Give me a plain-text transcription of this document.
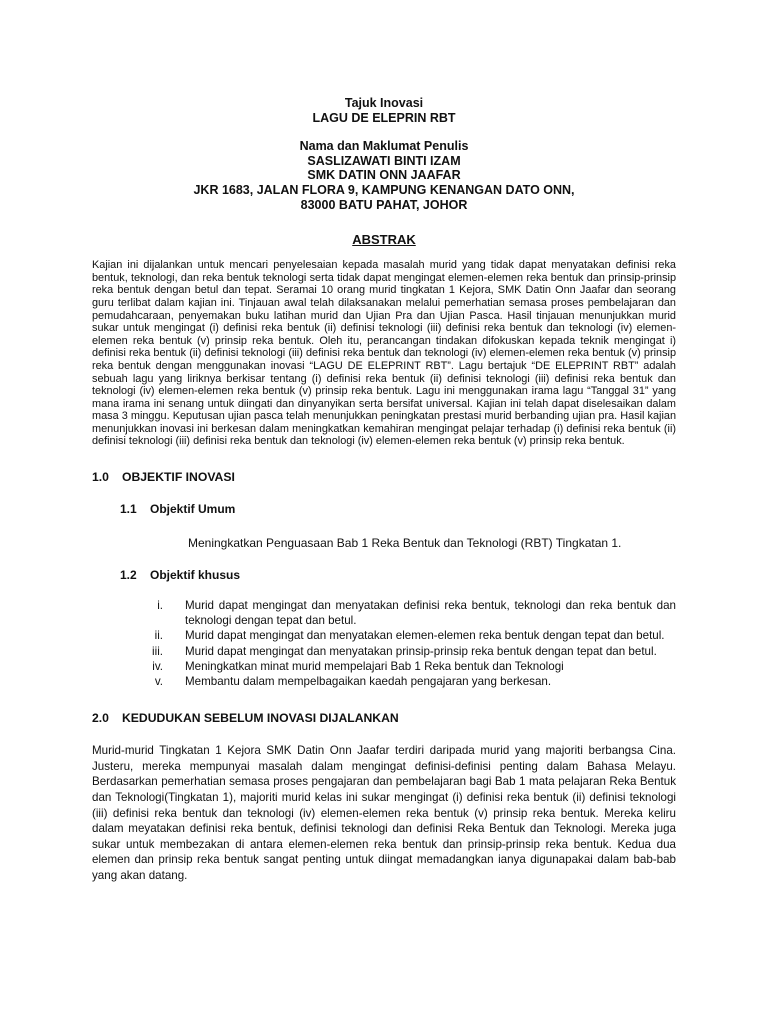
Tajuk Inovasi
LAGU DE ELEPRIN RBT
Nama dan Maklumat Penulis
SASLIZAWATI BINTI IZAM
SMK DATIN ONN JAAFAR
JKR 1683, JALAN FLORA 9, KAMPUNG KENANGAN DATO ONN,
83000 BATU PAHAT, JOHOR
ABSTRAK

Kajian ini dijalankan untuk mencari penyelesaian kepada masalah murid yang tidak dapat menyatakan definisi reka bentuk, teknologi, dan reka bentuk teknologi serta tidak dapat mengingat elemen-elemen reka bentuk dan prinsip-prinsip reka bentuk dengan betul dan tepat. Seramai 10 orang murid tingkatan 1 Kejora, SMK Datin Onn Jaafar dan seorang guru terlibat dalam kajian ini. Tinjauan awal telah dilaksanakan melalui pemerhatian semasa proses pembelajaran dan pemudahcaraan, penyemakan buku latihan murid dan Ujian Pra dan Ujian Pasca. Hasil tinjauan menunjukkan murid sukar untuk mengingat (i) definisi reka bentuk (ii) definisi teknologi (iii) definisi reka bentuk dan teknologi (iv) elemen-elemen reka bentuk (v) prinsip reka bentuk. Oleh itu, perancangan tindakan difokuskan kepada teknik mengingat i) definisi reka bentuk (ii) definisi teknologi (iii) definisi reka bentuk dan teknologi (iv) elemen-elemen reka bentuk (v) prinsip reka bentuk dengan menggunakan inovasi “LAGU DE ELEPRINT RBT”. Lagu bertajuk “DE ELEPRINT RBT” adalah sebuah lagu yang liriknya berkisar tentang (i) definisi reka bentuk (ii) definisi teknologi (iii) definisi reka bentuk dan teknologi (iv) elemen-elemen reka bentuk (v) prinsip reka bentuk. Lagu ini menggunakan irama lagu “Tanggal 31” yang mana irama ini senang untuk diingati dan dinyanyikan serta bersifat universal. Kajian ini telah dapat diselesaikan dalam masa 3 minggu. Keputusan ujian pasca telah menunjukkan peningkatan prestasi murid berbanding ujian pra. Hasil kajian menunjukkan inovasi ini berkesan dalam meningkatkan kemahiran mengingat pelajar terhadap (i) definisi reka bentuk (ii) definisi teknologi (iii) definisi reka bentuk dan teknologi (iv) elemen-elemen reka bentuk (v) prinsip reka bentuk.

1.0	OBJEKTIF INOVASI
1.1	Objektif Umum
Meningkatkan Penguasaan Bab 1 Reka Bentuk dan Teknologi (RBT) Tingkatan 1.
1.2	Objektif khusus
i.	Murid dapat mengingat dan menyatakan definisi reka bentuk, teknologi dan reka bentuk dan teknologi dengan tepat dan betul.
ii.	Murid dapat mengingat dan menyatakan elemen-elemen reka bentuk dengan tepat dan betul.
iii.	Murid dapat mengingat dan menyatakan prinsip-prinsip reka bentuk dengan tepat dan betul.
iv.	Meningkatkan minat murid mempelajari Bab 1 Reka bentuk dan Teknologi
v.	Membantu dalam mempelbagaikan kaedah pengajaran yang berkesan.
2.0	KEDUDUKAN SEBELUM INOVASI DIJALANKAN

Murid-murid Tingkatan 1 Kejora SMK Datin Onn Jaafar terdiri daripada murid yang majoriti berbangsa Cina. Justeru, mereka mempunyai masalah dalam mengingat definisi-definisi penting dalam Bahasa Melayu. Berdasarkan pemerhatian semasa proses pengajaran dan pembelajaran bagi Bab 1 mata pelajaran Reka Bentuk dan Teknologi(Tingkatan 1), majoriti murid kelas ini sukar mengingat (i) definisi reka bentuk (ii) definisi teknologi (iii) definisi reka bentuk dan teknologi (iv) elemen-elemen reka bentuk (v) prinsip reka bentuk. Mereka keliru dalam meyatakan definisi reka bentuk, definisi teknologi dan definisi Reka Bentuk dan Teknologi. Mereka juga sukar untuk membezakan di antara elemen-elemen reka bentuk dan prinsip-prinsip reka bentuk. Kedua dua elemen dan prinsip reka bentuk sangat penting untuk diingat memadangkan ianya digunapakai dalam bab-bab yang akan datang.
